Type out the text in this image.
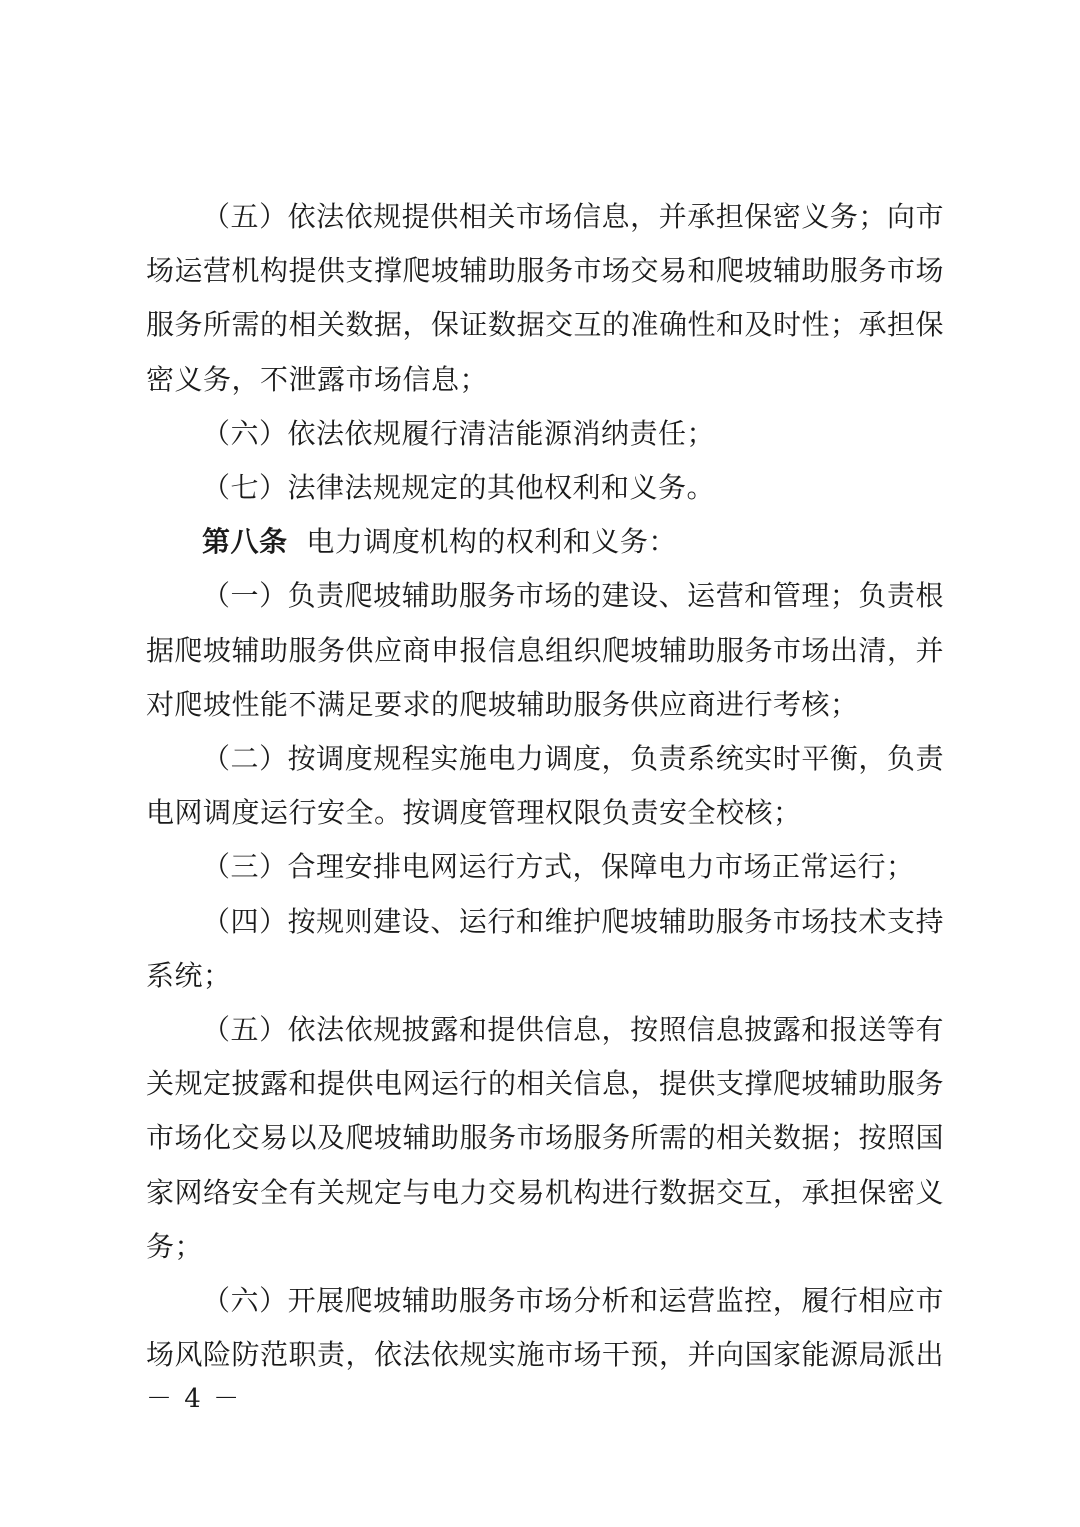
（五）依法依规提供相关市场信息，并承担保密义务；向市场运营机构提供支撑爬坡辅助服务市场交易和爬坡辅助服务市场服务所需的相关数据，保证数据交互的准确性和及时性；承担保密义务，不泄露市场信息；

（六）依法依规履行清洁能源消纳责任；

（七）法律法规规定的其他权利和义务。

第八条 电力调度机构的权利和义务：

（一）负责爬坡辅助服务市场的建设、运营和管理；负责根据爬坡辅助服务供应商申报信息组织爬坡辅助服务市场出清，并对爬坡性能不满足要求的爬坡辅助服务供应商进行考核；

（二）按调度规程实施电力调度，负责系统实时平衡，负责电网调度运行安全。按调度管理权限负责安全校核；

（三）合理安排电网运行方式，保障电力市场正常运行；

（四）按规则建设、运行和维护爬坡辅助服务市场技术支持系统；

（五）依法依规披露和提供信息，按照信息披露和报送等有关规定披露和提供电网运行的相关信息，提供支撑爬坡辅助服务市场化交易以及爬坡辅助服务市场服务所需的相关数据；按照国家网络安全有关规定与电力交易机构进行数据交互，承担保密义务；

（六）开展爬坡辅助服务市场分析和运营监控，履行相应市场风险防范职责，依法依规实施市场干预，并向国家能源局派出

－ 4 －
